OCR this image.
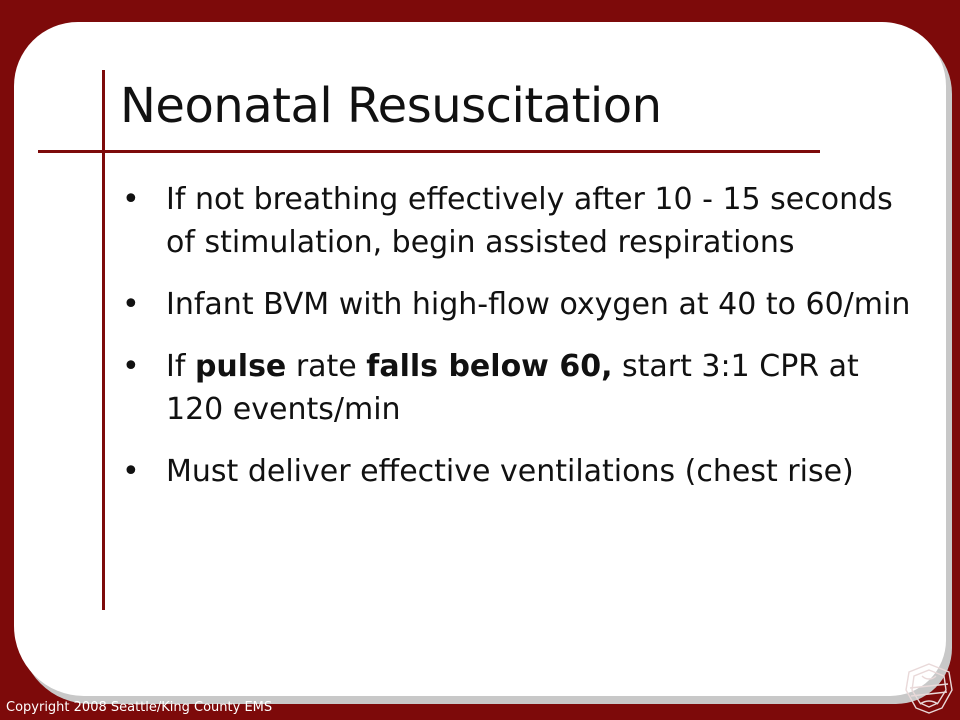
Neonatal Resuscitation
• If not breathing effectively after 10 - 15 seconds of stimulation, begin assisted respirations
• Infant BVM with high-flow oxygen at 40 to 60/min
• If pulse rate falls below 60, start 3:1 CPR at 120 events/min
• Must deliver effective ventilations (chest rise)
Copyright 2008 Seattle/King County EMS
